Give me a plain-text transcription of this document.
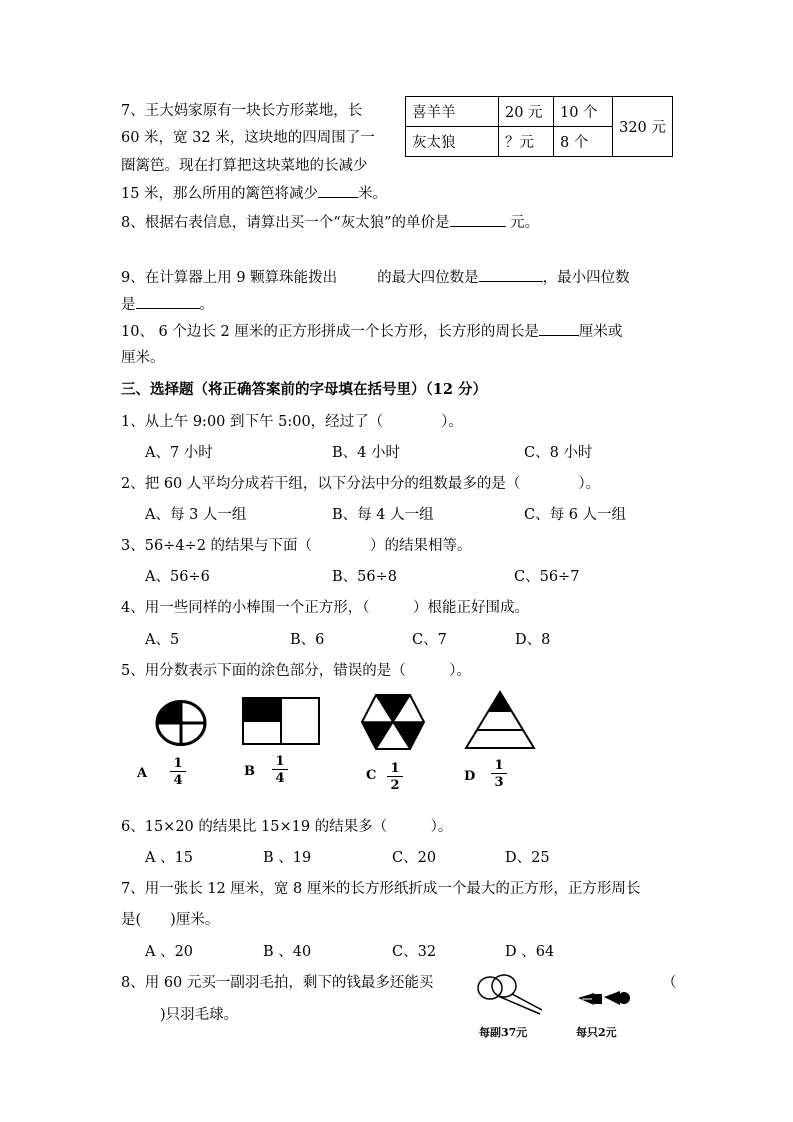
7、王大妈家原有一块长方形菜地，长
60 米，宽 32 米，这块地的四周围了一
圈篱笆。现在打算把这块菜地的长减少
15 米，那么所用的篱笆将减少	米。
喜羊羊	20 元	10 个	320 元
灰太狼	？元	8 个	
8、根据右表信息，请算出买一个“灰太狼”的单价是	元。
9、在计算器上用 9 颗算珠能拨出	的最大四位数是	，最小四位数
是	。
10、 6 个边长 2 厘米的正方形拼成一个长方形，长方形的周长是	厘米或
厘米。
三、选择题（将正确答案前的字母填在括号里）（12 分）
1、从上午 9:00 到下午 5:00，经过了（　　　　）。
A、7 小时	B、4 小时	C、8 小时
2、把 60 人平均分成若干组，以下分法中分的组数最多的是（　　　　）。
A、每 3 人一组	B、每 4 人一组	C、每 6 人一组
3、56÷4÷2 的结果与下面（　　　　）的结果相等。
A、56÷6	B、56÷8	C、56÷7
4、用一些同样的小棒围一个正方形，（　　　）根能正好围成。
A、5	B、6	C、7	D、8
5、用分数表示下面的涂色部分，错误的是（　　　）。
A $\frac{1}{4}$	B $\frac{1}{4}$	C $\frac{1}{2}$	D $\frac{1}{3}$
6、15×20 的结果比 15×19 的结果多（　　　）。
A 、15	B 、19	C、20	D、25
7、用一张长 12 厘米，宽 8 厘米的长方形纸折成一个最大的正方形，正方形周长
是(　　)厘米。
A 、20	B 、40	C、32	D 、64
8、用 60 元买一副羽毛拍，剩下的钱最多还能买	（
)只羽毛球。
每副37元	每只2元
